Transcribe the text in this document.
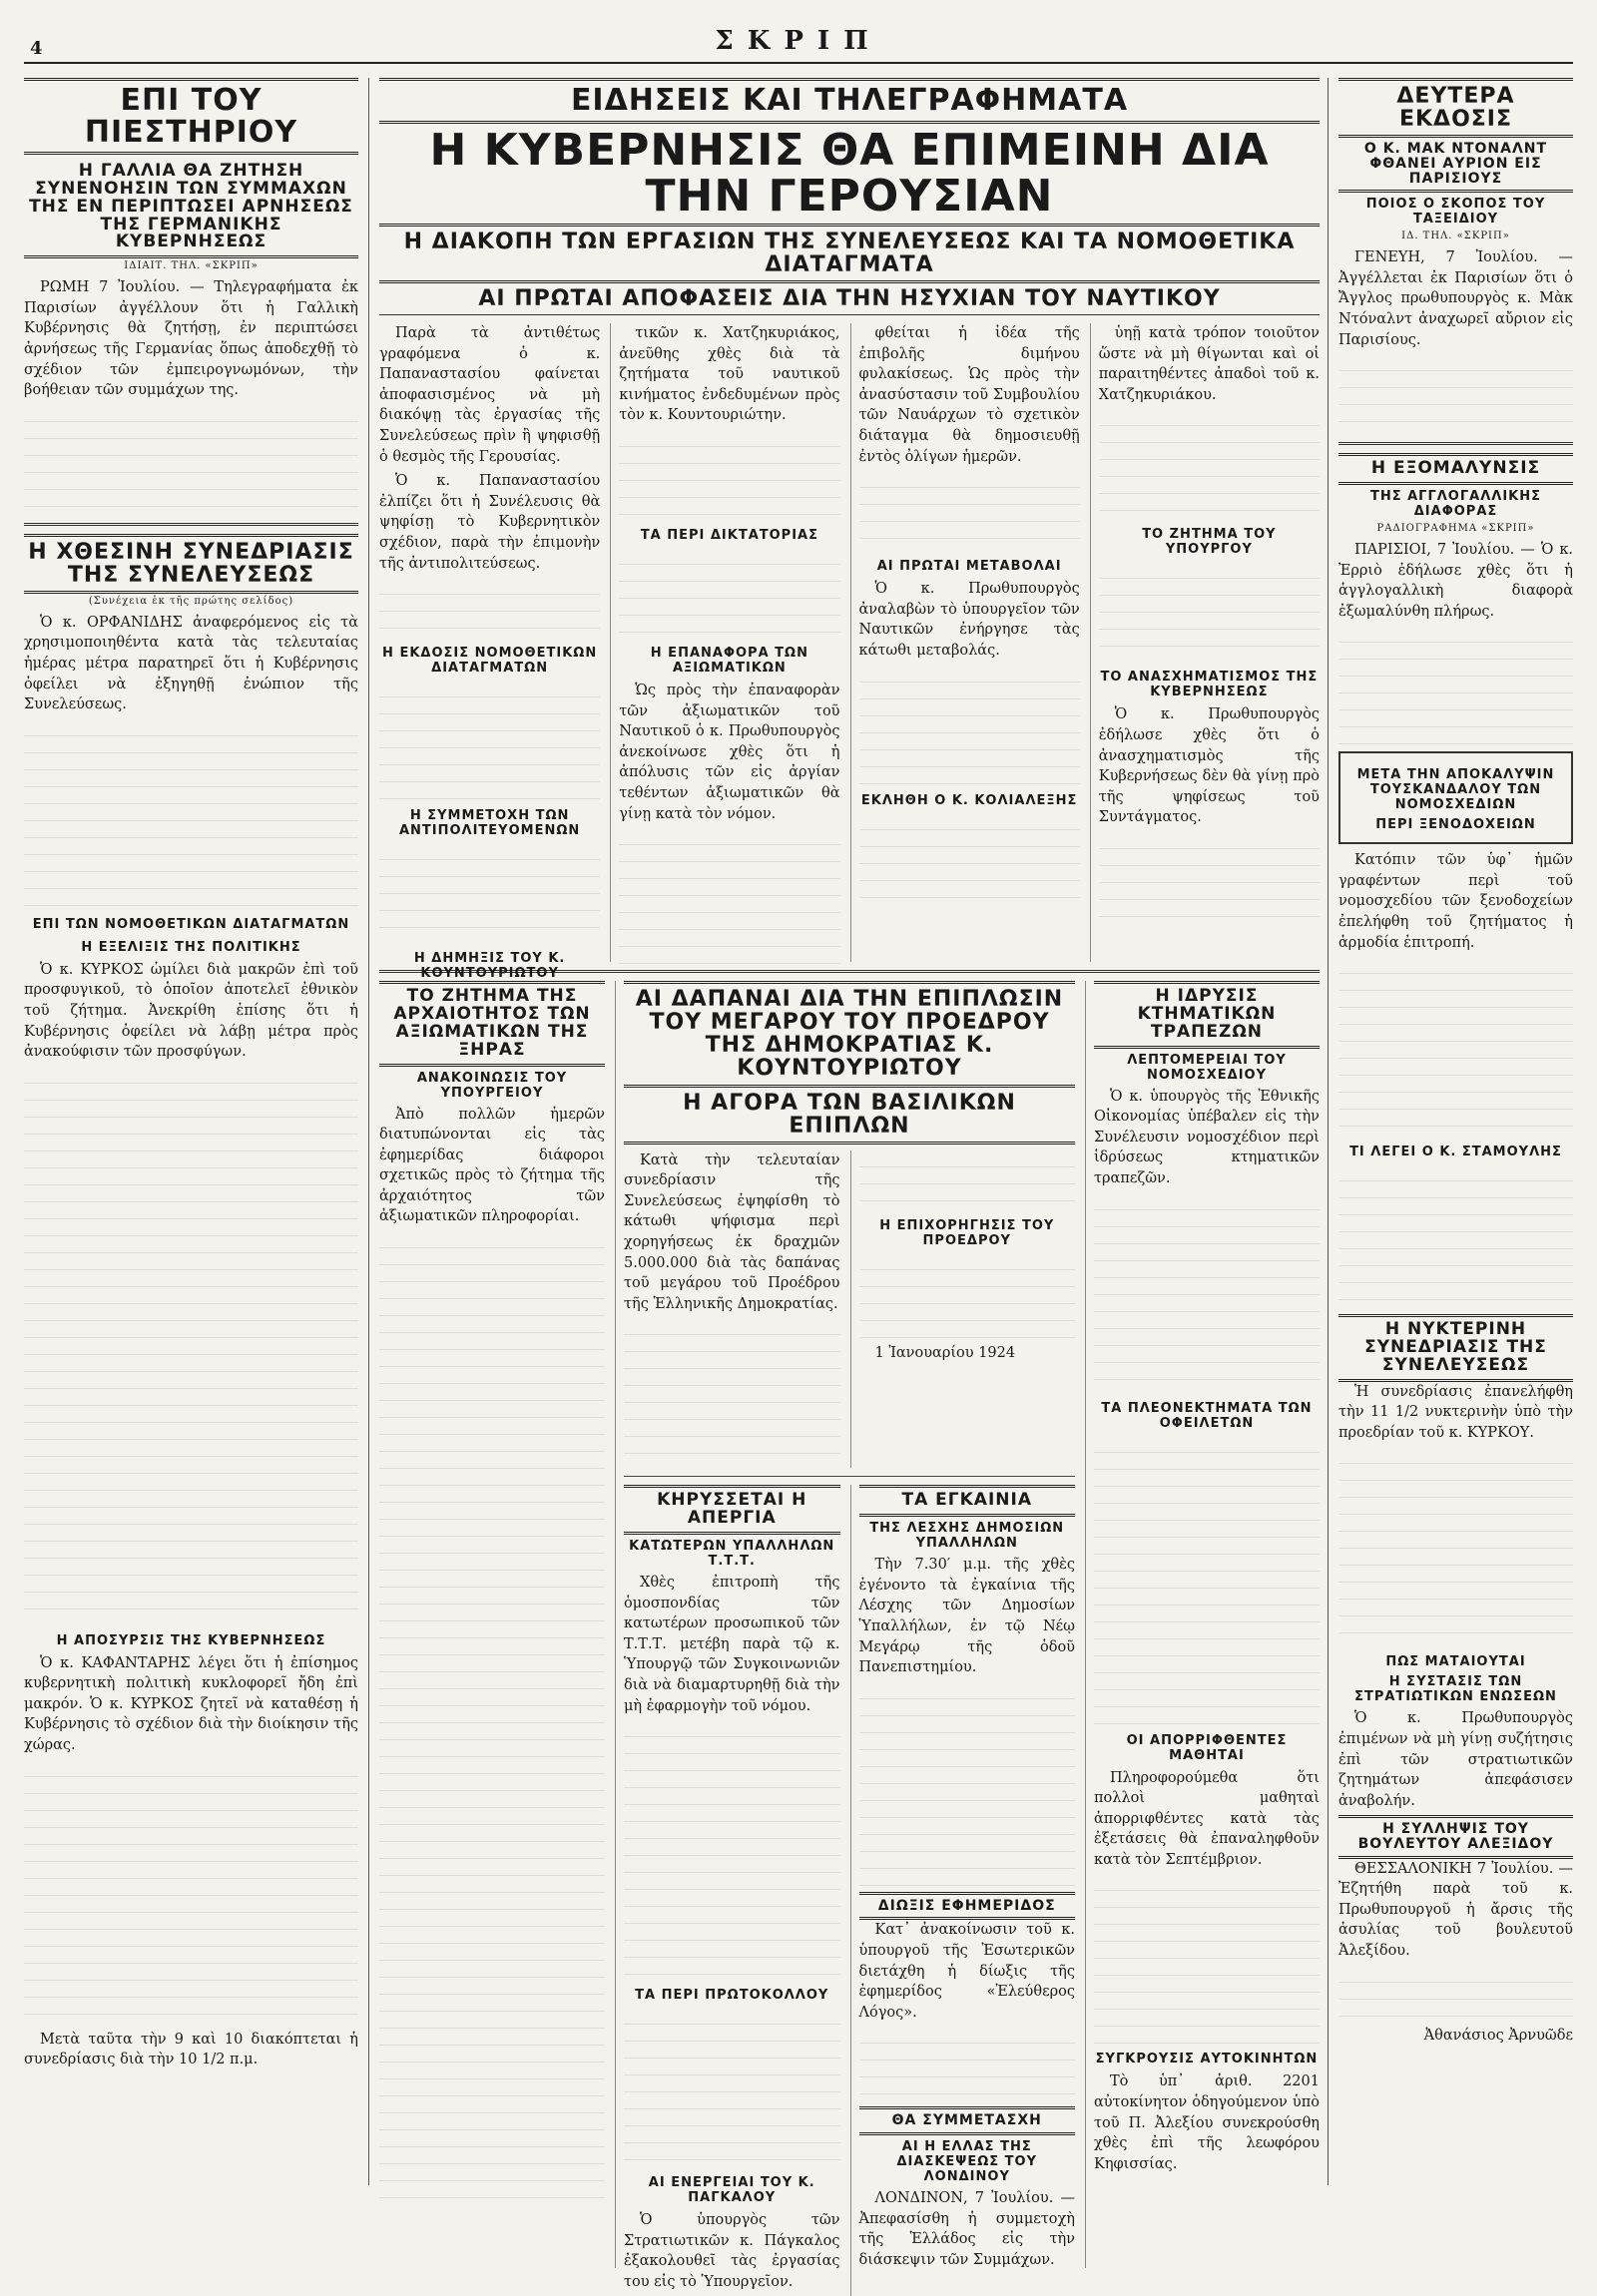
4	ΣΚΡΙΠ
ΕΠΙ ΤΟΥ ΠΙΕΣΤΗΡΙΟΥ
Η ΓΑΛΛΙΑ ΘΑ ΖΗΤΗΣΗ ΣΥΝΕΝΟΗΣΙΝ ΤΩΝ ΣΥΜΜΑΧΩΝ ΤΗΣ ΕΝ ΠΕΡΙΠΤΩΣΕΙ ΑΡΝΗΣΕΩΣ ΤΗΣ ΓΕΡΜΑΝΙΚΗΣ ΚΥΒΕΡΝΗΣΕΩΣ
ΙΔΙΑΙΤ. ΤΗΛ. «ΣΚΡΙΠ»

ΡΩΜΗ 7 Ἰουλίου. — Τηλεγραφήματα ἐκ Παρισίων ἀγγέλλουν ὅτι ἡ Γαλλικὴ Κυβέρνησις θὰ ζητήσῃ, ἐν περιπτώσει ἀρνήσεως τῆς Γερμανίας ὅπως ἀποδεχθῇ τὸ σχέδιον τῶν ἐμπειρογνωμόνων, τὴν βοήθειαν τῶν συμμάχων της.

Η ΧΘΕΣΙΝΗ ΣΥΝΕΔΡΙΑΣΙΣ ΤΗΣ ΣΥΝΕΛΕΥΣΕΩΣ
(Συνέχεια ἐκ τῆς πρώτης σελίδος)

Ὁ κ. ΟΡΦΑΝΙΔΗΣ ἀναφερόμενος εἰς τὰ χρησιμοποιηθέντα κατὰ τὰς τελευταίας ἡμέρας μέτρα παρατηρεῖ ὅτι ἡ Κυβέρνησις ὀφείλει νὰ ἐξηγηθῇ ἐνώπιον τῆς Συνελεύσεως.

ΕΠΙ ΤΩΝ ΝΟΜΟΘΕΤΙΚΩΝ ΔΙΑΤΑΓΜΑΤΩΝ
Η ΕΞΕΛΙΞΙΣ ΤΗΣ ΠΟΛΙΤΙΚΗΣ

Ὁ κ. ΚΥΡΚΟΣ ὡμίλει διὰ μακρῶν ἐπὶ τοῦ προσφυγικοῦ, τὸ ὁποῖον ἀποτελεῖ ἐθνικὸν τοῦ ζήτημα. Ἀνεκρίθη ἐπίσης ὅτι ἡ Κυβέρνησις ὀφείλει νὰ λάβῃ μέτρα πρὸς ἀνακούφισιν τῶν προσφύγων.

Η ΑΠΟΣΥΡΣΙΣ ΤΗΣ ΚΥΒΕΡΝΗΣΕΩΣ

Ὁ κ. ΚΑΦΑΝΤΑΡΗΣ λέγει ὅτι ἡ ἐπίσημος κυβερνητικὴ πολιτικὴ κυκλοφορεῖ ἤδη ἐπὶ μακρόν. Ὁ κ. ΚΥΡΚΟΣ ζητεῖ νὰ καταθέσῃ ἡ Κυβέρνησις τὸ σχέδιον διὰ τὴν διοίκησιν τῆς χώρας.

Μετὰ ταῦτα τὴν 9 καὶ 10 διακόπτεται ἡ συνεδρίασις διὰ τὴν 10 1/2 π.μ.

ΕΙΔΗΣΕΙΣ ΚΑΙ ΤΗΛΕΓΡΑΦΗΜΑΤΑ
Η ΚΥΒΕΡΝΗΣΙΣ ΘΑ ΕΠΙΜΕΙΝΗ ΔΙΑ ΤΗΝ ΓΕΡΟΥΣΙΑΝ
Η ΔΙΑΚΟΠΗ ΤΩΝ ΕΡΓΑΣΙΩΝ ΤΗΣ ΣΥΝΕΛΕΥΣΕΩΣ ΚΑΙ ΤΑ ΝΟΜΟΘΕΤΙΚΑ ΔΙΑΤΑΓΜΑΤΑ
ΑΙ ΠΡΩΤΑΙ ΑΠΟΦΑΣΕΙΣ ΔΙΑ ΤΗΝ ΗΣΥΧΙΑΝ ΤΟΥ ΝΑΥΤΙΚΟΥ

Παρὰ τὰ ἀντιθέτως γραφόμενα ὁ κ. Παπαναστασίου φαίνεται ἀποφασισμένος νὰ μὴ διακόψῃ τὰς ἐργασίας τῆς Συνελεύσεως πρὶν ἢ ψηφισθῇ ὁ θεσμὸς τῆς Γερουσίας.

Ὁ κ. Παπαναστασίου ἐλπίζει ὅτι ἡ Συνέλευσις θὰ ψηφίσῃ τὸ Κυβερνητικὸν σχέδιον, παρὰ τὴν ἐπιμονὴν τῆς ἀντιπολιτεύσεως.

Η ΕΚΔΟΣΙΣ ΝΟΜΟΘΕΤΙΚΩΝ ΔΙΑΤΑΓΜΑΤΩΝ
Η ΣΥΜΜΕΤΟΧΗ ΤΩΝ ΑΝΤΙΠΟΛΙΤΕΥΟΜΕΝΩΝ
Η ΔΗΜΗΞΙΣ ΤΟΥ Κ. ΚΟΥΝΤΟΥΡΙΩΤΟΥ

τικῶν κ. Χατζηκυριάκος, ἀνεῦθης χθὲς διὰ τὰ ζητήματα τοῦ ναυτικοῦ κινήματος ἐνδεδυμένων πρὸς τὸν κ. Κουντουριώτην.

ΤΑ ΠΕΡΙ ΔΙΚΤΑΤΟΡΙΑΣ
Η ΕΠΑΝΑΦΟΡΑ ΤΩΝ ΑΞΙΩΜΑΤΙΚΩΝ

Ὡς πρὸς τὴν ἐπαναφορὰν τῶν ἀξιωματικῶν τοῦ Ναυτικοῦ ὁ κ. Πρωθυπουργὸς ἀνεκοίνωσε χθὲς ὅτι ἡ ἀπόλυσις τῶν εἰς ἀργίαν τεθέντων ἀξιωματικῶν θὰ γίνῃ κατὰ τὸν νόμον.

φθείται ἡ ἰδέα τῆς ἐπιβολῆς διμήνου φυλακίσεως. Ὡς πρὸς τὴν ἀνασύστασιν τοῦ Συμβουλίου τῶν Ναυάρχων τὸ σχετικὸν διάταγμα θὰ δημοσιευθῇ ἐντὸς ὀλίγων ἡμερῶν.

ΑΙ ΠΡΩΤΑΙ ΜΕΤΑΒΟΛΑΙ

Ὁ κ. Πρωθυπουργὸς ἀναλαβὼν τὸ ὑπουργεῖον τῶν Ναυτικῶν ἐνήργησε τὰς κάτωθι μεταβολάς.

ΕΚΛΗΘΗ Ο Κ. ΚΟΛΙΑΛΕΞΗΣ

ὑηῇ κατὰ τρόπον τοιοῦτον ὥστε νὰ μὴ θίγωνται καὶ οἱ παραιτηθέντες ἀπαδοὶ τοῦ κ. Χατζηκυριάκου.

ΤΟ ΖΗΤΗΜΑ ΤΟΥ ΥΠΟΥΡΓΟΥ
ΤΟ ΑΝΑΣΧΗΜΑΤΙΣΜΟΣ ΤΗΣ ΚΥΒΕΡΝΗΣΕΩΣ

Ὁ κ. Πρωθυπουργὸς ἐδήλωσε χθὲς ὅτι ὁ ἀνασχηματισμὸς τῆς Κυβερνήσεως δὲν θὰ γίνῃ πρὸ τῆς ψηφίσεως τοῦ Συντάγματος.

ΤΟ ΖΗΤΗΜΑ ΤΗΣ ΑΡΧΑΙΟΤΗΤΟΣ ΤΩΝ ΑΞΙΩΜΑΤΙΚΩΝ ΤΗΣ ΞΗΡΑΣ
ΑΝΑΚΟΙΝΩΣΙΣ ΤΟΥ ΥΠΟΥΡΓΕΙΟΥ

Ἀπὸ πολλῶν ἡμερῶν διατυπώνονται εἰς τὰς ἐφημερίδας διάφοροι σχετικῶς πρὸς τὸ ζήτημα τῆς ἀρχαιότητος τῶν ἀξιωματικῶν πληροφορίαι.

ΑΙ ΔΑΠΑΝΑΙ ΔΙΑ ΤΗΝ ΕΠΙΠΛΩΣΙΝ ΤΟΥ ΜΕΓΑΡΟΥ ΤΟΥ ΠΡΟΕΔΡΟΥ ΤΗΣ ΔΗΜΟΚΡΑΤΙΑΣ Κ. ΚΟΥΝΤΟΥΡΙΩΤΟΥ
Η ΑΓΟΡΑ ΤΩΝ ΒΑΣΙΛΙΚΩΝ ΕΠΙΠΛΩΝ

Κατὰ τὴν τελευταίαν συνεδρίασιν τῆς Συνελεύσεως ἐψηφίσθη τὸ κάτωθι ψήφισμα περὶ χορηγήσεως ἐκ δραχμῶν 5.000.000 διὰ τὰς δαπάνας τοῦ μεγάρου τοῦ Προέδρου τῆς Ἑλληνικῆς Δημοκρατίας.

Η ΕΠΙΧΟΡΗΓΗΣΙΣ ΤΟΥ ΠΡΟΕΔΡΟΥ

1 Ἰανουαρίου 1924

ΚΗΡΥΣΣΕΤΑΙ Η ΑΠΕΡΓΙΑ
ΚΑΤΩΤΕΡΩΝ ΥΠΑΛΛΗΛΩΝ Τ.Τ.Τ.

Χθὲς ἐπιτροπὴ τῆς ὁμοσπονδίας τῶν κατωτέρων προσωπικοῦ τῶν Τ.Τ.Τ. μετέβη παρὰ τῷ κ. Ὑπουργῷ τῶν Συγκοινωνιῶν διὰ νὰ διαμαρτυρηθῇ διὰ τὴν μὴ ἐφαρμογὴν τοῦ νόμου.

ΤΑ ΠΕΡΙ ΠΡΩΤΟΚΟΛΛΟΥ
ΑΙ ΕΝΕΡΓΕΙΑΙ ΤΟΥ Κ. ΠΑΓΚΑΛΟΥ

Ὁ ὑπουργὸς τῶν Στρατιωτικῶν κ. Πάγκαλος ἐξακολουθεῖ τὰς ἐργασίας του εἰς τὸ Ὑπουργεῖον.

ΤΑ ΕΓΚΑΙΝΙΑ
ΤΗΣ ΛΕΣΧΗΣ ΔΗΜΟΣΙΩΝ ΥΠΑΛΛΗΛΩΝ

Τὴν 7.30′ μ.μ. τῆς χθὲς ἐγένοντο τὰ ἐγκαίνια τῆς Λέσχης τῶν Δημοσίων Ὑπαλλήλων, ἐν τῷ Νέῳ Μεγάρῳ τῆς ὁδοῦ Πανεπιστημίου.

ΔΙΩΞΙΣ ΕΦΗΜΕΡΙΔΟΣ

Κατ᾽ ἀνακοίνωσιν τοῦ κ. ὑπουργοῦ τῆς Ἐσωτερικῶν διετάχθη ἡ δίωξις τῆς ἐφημερίδος «Ἐλεύθερος Λόγος».

ΘΑ ΣΥΜΜΕΤΑΣΧΗ
ΑΙ Η ΕΛΛΑΣ ΤΗΣ ΔΙΑΣΚΕΨΕΩΣ ΤΟΥ ΛΟΝΔΙΝΟΥ

ΛΟΝΔΙΝΟΝ, 7 Ἰουλίου. — Ἀπεφασίσθη ἡ συμμετοχὴ τῆς Ἑλλάδος εἰς τὴν διάσκεψιν τῶν Συμμάχων.

Η ΙΔΡΥΣΙΣ ΚΤΗΜΑΤΙΚΩΝ ΤΡΑΠΕΖΩΝ
ΛΕΠΤΟΜΕΡΕΙΑΙ ΤΟΥ ΝΟΜΟΣΧΕΔΙΟΥ

Ὁ κ. ὑπουργὸς τῆς Ἐθνικῆς Οἰκονομίας ὑπέβαλεν εἰς τὴν Συνέλευσιν νομοσχέδιον περὶ ἱδρύσεως κτηματικῶν τραπεζῶν.

ΤΑ ΠΛΕΟΝΕΚΤΗΜΑΤΑ ΤΩΝ ΟΦΕΙΛΕΤΩΝ
ΟΙ ΑΠΟΡΡΙΦΘΕΝΤΕΣ ΜΑΘΗΤΑΙ

Πληροφορούμεθα ὅτι πολλοὶ μαθηταὶ ἀπορριφθέντες κατὰ τὰς ἐξετάσεις θὰ ἐπαναληφθοῦν κατὰ τὸν Σεπτέμβριον.

ΣΥΓΚΡΟΥΣΙΣ ΑΥΤΟΚΙΝΗΤΩΝ

Τὸ ὑπ᾽ ἀριθ. 2201 αὐτοκίνητον ὁδηγούμενον ὑπὸ τοῦ Π. Ἀλεξίου συνεκρούσθη χθὲς ἐπὶ τῆς λεωφόρου Κηφισσίας.

ΔΕΥΤΕΡΑ ΕΚΔΟΣΙΣ
Ο Κ. ΜΑΚ ΝΤΟΝΑΛΝΤ ΦΘΑΝΕΙ ΑΥΡΙΟΝ ΕΙΣ ΠΑΡΙΣΙΟΥΣ
ΠΟΙΟΣ Ο ΣΚΟΠΟΣ ΤΟΥ ΤΑΞΕΙΔΙΟΥ
ΙΔ. ΤΗΛ. «ΣΚΡΙΠ»

ΓΕΝΕΥΗ, 7 Ἰουλίου. — Ἀγγέλλεται ἐκ Παρισίων ὅτι ὁ Ἄγγλος πρωθυπουργὸς κ. Μὰκ Ντόναλντ ἀναχωρεῖ αὔριον εἰς Παρισίους.

Η ΕΞΟΜΑΛΥΝΣΙΣ
ΤΗΣ ΑΓΓΛΟΓΑΛΛΙΚΗΣ ΔΙΑΦΟΡΑΣ
ΡΑΔΙΟΓΡΑΦΗΜΑ «ΣΚΡΙΠ»

ΠΑΡΙΣΙΟΙ, 7 Ἰουλίου. — Ὁ κ. Ἐρριὸ ἐδήλωσε χθὲς ὅτι ἡ ἀγγλογαλλικὴ διαφορὰ ἐξωμαλύνθη πλήρως.

ΜΕΤΑ ΤΗΝ ΑΠΟΚΑΛΥΨΙΝ ΤΟΥΣΚΑΝΔΑΛΟΥ ΤΩΝ ΝΟΜΟΣΧΕΔΙΩΝ
ΠΕΡΙ ΞΕΝΟΔΟΧΕΙΩΝ

Κατόπιν τῶν ὑφ᾽ ἡμῶν γραφέντων περὶ τοῦ νομοσχεδίου τῶν ξενοδοχείων ἐπελήφθη τοῦ ζητήματος ἡ ἁρμοδία ἐπιτροπή.

ΤΙ ΛΕΓΕΙ Ο Κ. ΣΤΑΜΟΥΛΗΣ
Η ΝΥΚΤΕΡΙΝΗ ΣΥΝΕΔΡΙΑΣΙΣ ΤΗΣ ΣΥΝΕΛΕΥΣΕΩΣ

Ἡ συνεδρίασις ἐπανελήφθη τὴν 11 1/2 νυκτερινὴν ὑπὸ τὴν προεδρίαν τοῦ κ. ΚΥΡΚΟΥ.

ΠΩΣ ΜΑΤΑΙΟΥΤΑΙ
Η ΣΥΣΤΑΣΙΣ ΤΩΝ ΣΤΡΑΤΙΩΤΙΚΩΝ ΕΝΩΣΕΩΝ

Ὁ κ. Πρωθυπουργὸς ἐπιμένων νὰ μὴ γίνῃ συζήτησις ἐπὶ τῶν στρατιωτικῶν ζητημάτων ἀπεφάσισεν ἀναβολήν.

Η ΣΥΛΛΗΨΙΣ ΤΟΥ ΒΟΥΛΕΥΤΟΥ ΑΛΕΞΙΔΟΥ

ΘΕΣΣΑΛΟΝΙΚΗ 7 Ἰουλίου. — Ἐζητήθη παρὰ τοῦ κ. Πρωθυπουργοῦ ἡ ἄρσις τῆς ἀσυλίας τοῦ βουλευτοῦ Ἀλεξίδου.

Ἀθανάσιος Ἀρνυῶδε
